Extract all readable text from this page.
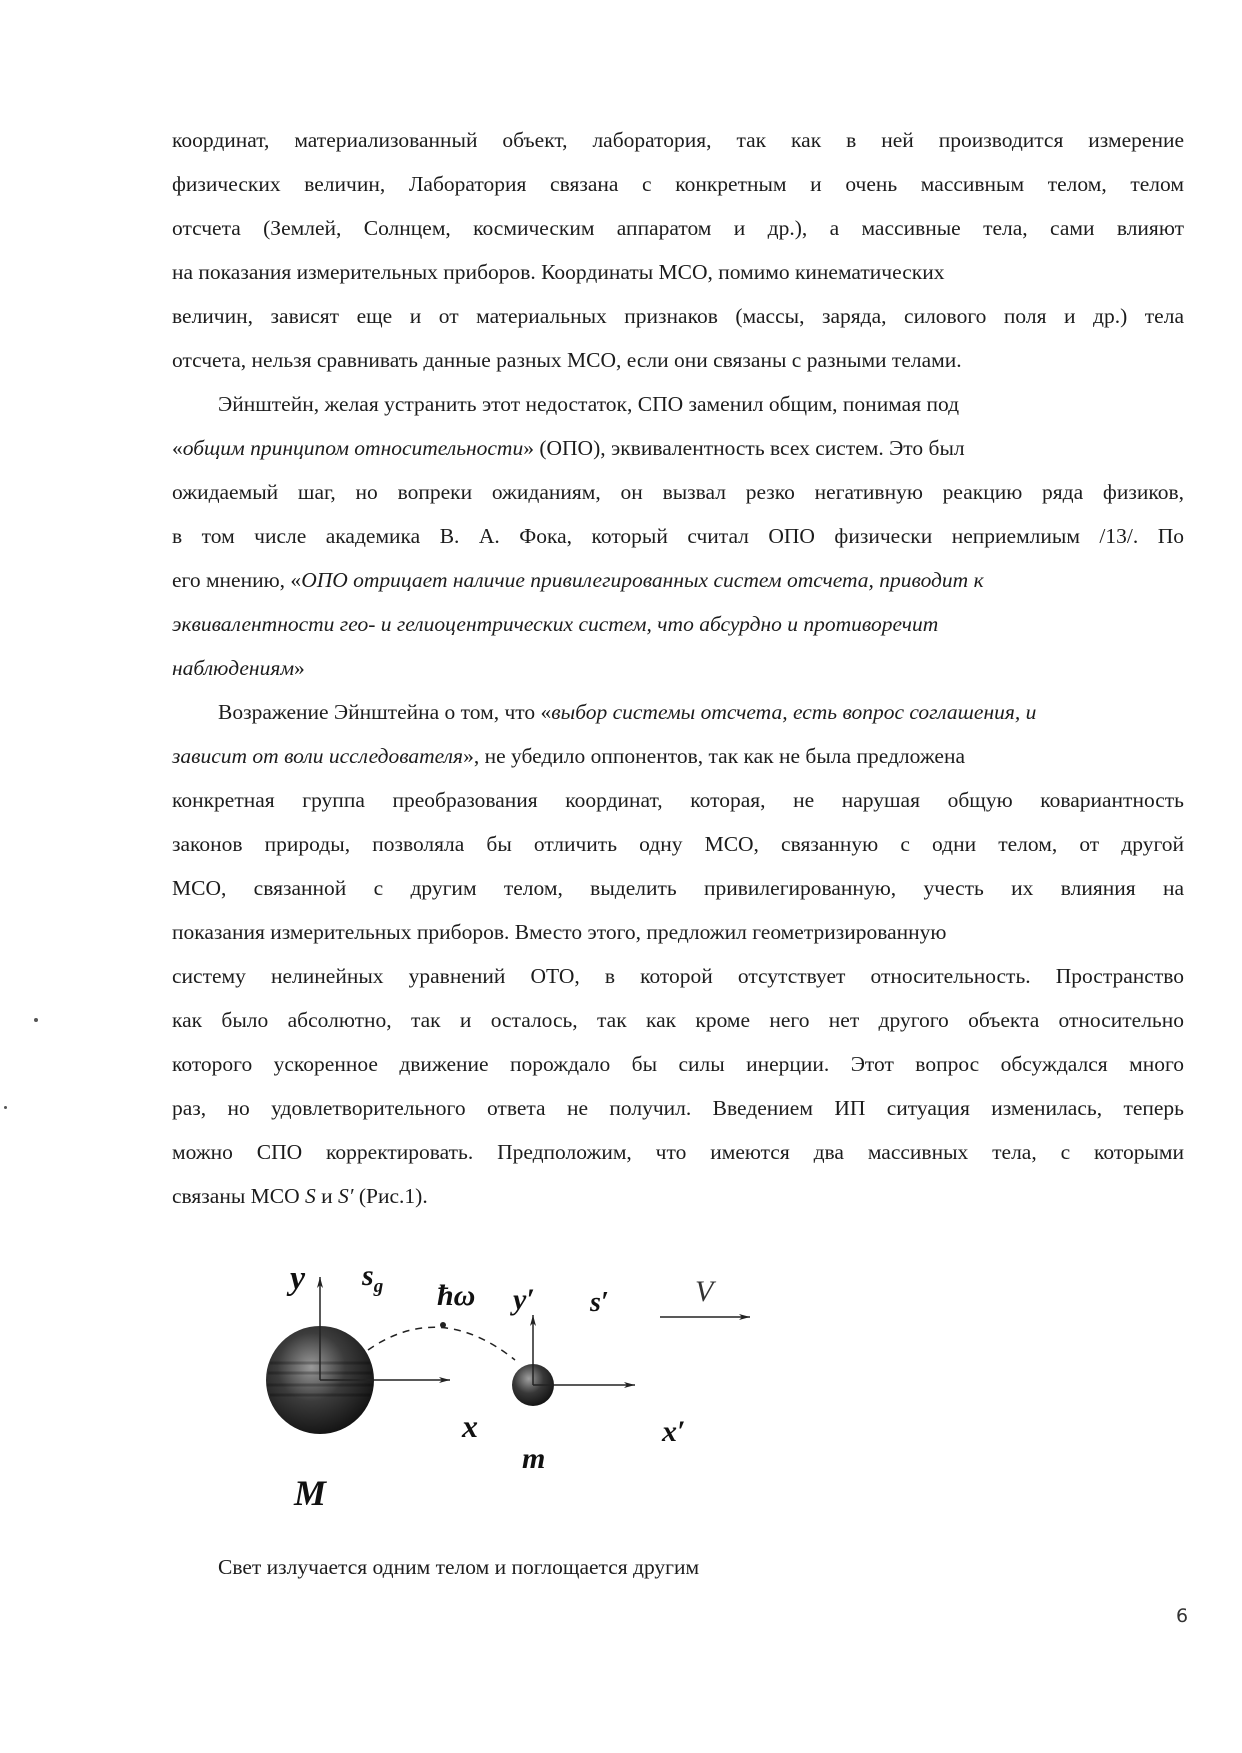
координат, материализованный объект, лаборатория, так как в ней производится измерение
физических величин, Лаборатория связана с конкретным и очень массивным телом, телом
отсчета (Землей, Солнцем, космическим аппаратом и др.), а массивные тела, сами влияют
на показания измерительных приборов. Координаты МСО, помимо кинематических
величин, зависят еще и от материальных признаков (массы, заряда, силового поля и др.) тела
отсчета, нельзя сравнивать данные разных МСО, если они связаны с разными телами.
Эйнштейн, желая устранить этот недостаток, СПО заменил общим, понимая под
«общим принципом относительности» (ОПО), эквивалентность всех систем. Это был
ожидаемый шаг, но вопреки ожиданиям, он вызвал резко негативную реакцию ряда физиков,
в том числе академика В. А. Фока, который считал ОПО физически неприемлиым /13/. По
его мнению, «ОПО отрицает наличие привилегированных систем отсчета, приводит к
эквивалентности гео- и гелиоцентрических систем, что абсурдно и противоречит
наблюдениям»
Возражение Эйнштейна о том, что «выбор системы отсчета, есть вопрос соглашения, и
зависит от воли исследователя», не убедило оппонентов, так как не была предложена
конкретная группа преобразования координат, которая, не нарушая общую ковариантность
законов природы, позволяла бы отличить одну МСО, связанную с одни телом, от другой
МСО, связанной с другим телом, выделить привилегированную, учесть их влияния на
показания измерительных приборов. Вместо этого, предложил геометризированную
систему нелинейных уравнений ОТО, в которой отсутствует относительность. Пространство
как было абсолютно, так и осталось, так как кроме него нет другого объекта относительно
которого ускоренное движение порождало бы силы инерции. Этот вопрос обсуждался много
раз, но удовлетворительного ответа не получил. Введением ИП ситуация изменилась, теперь
можно СПО корректировать. Предположим, что имеются два массивных тела, с которыми
связаны МСО S и S′ (Рис.1).
y $s_g$ ħω y′ s′	V
x	x′
m
M
Свет излучается одним телом и поглощается другим
6
